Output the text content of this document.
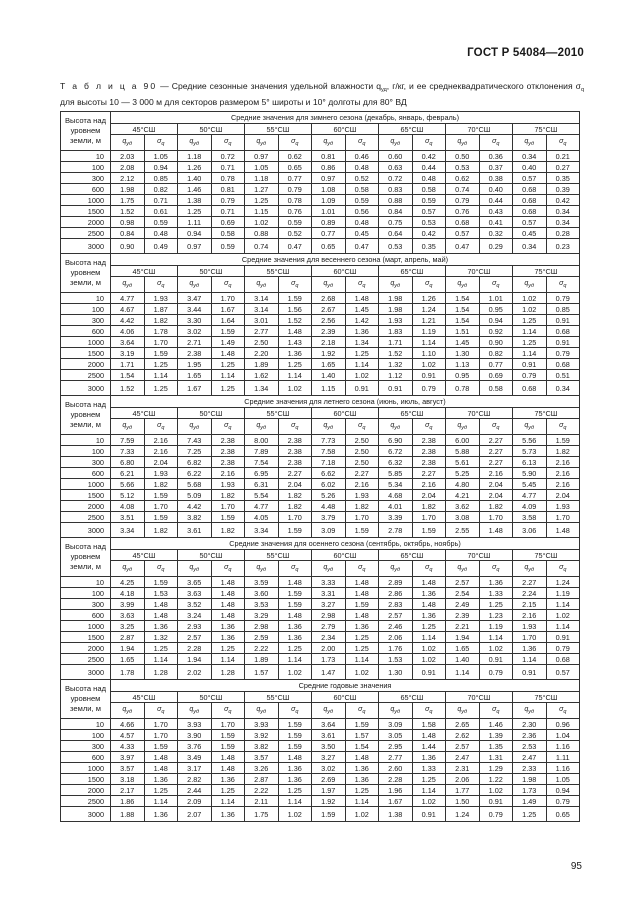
ГОСТ Р 54084—2010
Т а б л и ц а 90 — Средние сезонные значения удельной влажности $q_{уд}$, г/кг, и ее среднеквадратического отклонения $\sigma_q$ для высоты 10 — 3 000 м для секторов размером 5° широты и 10° долготы для 80° ВД
Высота над уровнем земли, м	Средние значения для зимнего сезона (декабрь, январь, февраль)													
	45°СШ		50°СШ		55°СШ		60°СШ		65°СШ		70°СШ		75°СШ	
	$q_{уд}$	$\sigma_q$	$q_{уд}$	$\sigma_q$	$q_{уд}$	$\sigma_q$	$q_{уд}$	$\sigma_q$	$q_{уд}$	$\sigma_q$	$q_{уд}$	$\sigma_q$	$q_{уд}$	$\sigma_q$
10	2.03	1.05	1.18	0.72	0.97	0.62	0.81	0.46	0.60	0.42	0.50	0.36	0.34	0.21
100	2.08	0.94	1.26	0.71	1.05	0.65	0.86	0.48	0.63	0.44	0.53	0.37	0.40	0.27
300	2.12	0.85	1.40	0.78	1.18	0.77	0.97	0.52	0.72	0.48	0.62	0.38	0.57	0.35
600	1.98	0.82	1.46	0.81	1.27	0.79	1.08	0.58	0.83	0.58	0.74	0.40	0.68	0.39
1000	1.75	0.71	1.38	0.79	1.25	0.78	1.09	0.59	0.88	0.59	0.79	0.44	0.68	0.42
1500	1.52	0.61	1.25	0.71	1.15	0.76	1.01	0.56	0.84	0.57	0.76	0.43	0.68	0.34
2000	0.98	0.59	1.11	0.69	1.02	0.59	0.89	0.48	0.75	0.53	0.68	0.41	0.57	0.34
2500	0.84	0.48	0.94	0.58	0.88	0.52	0.77	0.45	0.64	0.42	0.57	0.32	0.45	0.28
3000	0.90	0.49	0.97	0.59	0.74	0.47	0.65	0.47	0.53	0.35	0.47	0.29	0.34	0.23
Высота над уровнем земли, м	Средние значения для весеннего сезона (март, апрель, май)													
	45°СШ		50°СШ		55°СШ		60°СШ		65°СШ		70°СШ		75°СШ	
	$q_{уд}$	$\sigma_q$	$q_{уд}$	$\sigma_q$	$q_{уд}$	$\sigma_q$	$q_{уд}$	$\sigma_q$	$q_{уд}$	$\sigma_q$	$q_{уд}$	$\sigma_q$	$q_{уд}$	$\sigma_q$
10	4.77	1.93	3.47	1.70	3.14	1.59	2.68	1.48	1.98	1.26	1.54	1.01	1.02	0.79
100	4.67	1.87	3.44	1.67	3.14	1.56	2.67	1.45	1.98	1.24	1.54	0.95	1.02	0.85
300	4.42	1.82	3.30	1.64	3.01	1.52	2.56	1.42	1.93	1.21	1.54	0.94	1.25	0.91
600	4.06	1.78	3.02	1.59	2.77	1.48	2.39	1.36	1.83	1.19	1.51	0.92	1.14	0.68
1000	3.64	1.70	2.71	1.49	2.50	1.43	2.18	1.34	1.71	1.14	1.45	0.90	1.25	0.91
1500	3.19	1.59	2.38	1.48	2.20	1.36	1.92	1.25	1.52	1.10	1.30	0.82	1.14	0.79
2000	1.71	1.25	1.95	1.25	1.89	1.25	1.65	1.14	1.32	1.02	1.13	0.77	0.91	0.68
2500	1.54	1.14	1.65	1.14	1.62	1.14	1.40	1.02	1.12	0.91	0.95	0.69	0.79	0.51
3000	1.52	1.25	1.67	1.25	1.34	1.02	1.15	0.91	0.91	0.79	0.78	0.58	0.68	0.34
Высота над уровнем земли, м	Средние значения для летнего сезона (июнь, июль, август)													
	45°СШ		50°СШ		55°СШ		60°СШ		65°СШ		70°СШ		75°СШ	
	$q_{уд}$	$\sigma_q$	$q_{уд}$	$\sigma_q$	$q_{уд}$	$\sigma_q$	$q_{уд}$	$\sigma_q$	$q_{уд}$	$\sigma_q$	$q_{уд}$	$\sigma_q$	$q_{уд}$	$\sigma_q$
10	7.59	2.16	7.43	2.38	8.00	2.38	7.73	2.50	6.90	2.38	6.00	2.27	5.56	1.59
100	7.33	2.16	7.25	2.38	7.89	2.38	7.58	2.50	6.72	2.38	5.88	2.27	5.73	1.82
300	6.80	2.04	6.82	2.38	7.54	2.38	7.18	2.50	6.32	2.38	5.61	2.27	6.13	2.16
600	6.21	1.93	6.22	2.16	6.95	2.27	6.62	2.27	5.85	2.27	5.25	2.16	5.90	2.16
1000	5.66	1.82	5.68	1.93	6.31	2.04	6.02	2.16	5.34	2.16	4.80	2.04	5.45	2.16
1500	5.12	1.59	5.09	1.82	5.54	1.82	5.26	1.93	4.68	2.04	4.21	2.04	4.77	2.04
2000	4.08	1.70	4.42	1.70	4.77	1.82	4.48	1.82	4.01	1.82	3.62	1.82	4.09	1.93
2500	3.51	1.59	3.82	1.59	4.05	1.70	3.79	1.70	3.39	1.70	3.08	1.70	3.58	1.70
3000	3.34	1.82	3.61	1.82	3.34	1.59	3.09	1.59	2.78	1.59	2.55	1.48	3.06	1.48
Высота над уровнем земли, м	Средние значения для осеннего сезона (сентябрь, октябрь, ноябрь)													
	45°СШ		50°СШ		55°СШ		60°СШ		65°СШ		70°СШ		75°СШ	
	$q_{уд}$	$\sigma_q$	$q_{уд}$	$\sigma_q$	$q_{уд}$	$\sigma_q$	$q_{уд}$	$\sigma_q$	$q_{уд}$	$\sigma_q$	$q_{уд}$	$\sigma_q$	$q_{уд}$	$\sigma_q$
10	4.25	1.59	3.65	1.48	3.59	1.48	3.33	1.48	2.89	1.48	2.57	1.36	2.27	1.24
100	4.18	1.53	3.63	1.48	3.60	1.59	3.31	1.48	2.86	1.36	2.54	1.33	2.24	1.19
300	3.99	1.48	3.52	1.48	3.53	1.59	3.27	1.59	2.83	1.48	2.49	1.25	2.15	1.14
600	3.63	1.48	3.24	1.48	3.29	1.48	2.98	1.48	2.57	1.36	2.39	1.23	2.16	1.02
1000	3.25	1.36	2.93	1.36	2.98	1.36	2.79	1.36	2.46	1.25	2.21	1.19	1.93	1.14
1500	2.87	1.32	2.57	1.36	2.59	1.36	2.34	1.25	2.06	1.14	1.94	1.14	1.70	0.91
2000	1.94	1.25	2.28	1.25	2.22	1.25	2.00	1.25	1.76	1.02	1.65	1.02	1.36	0.79
2500	1.65	1.14	1.94	1.14	1.89	1.14	1.73	1.14	1.53	1.02	1.40	0.91	1.14	0.68
3000	1.78	1.28	2.02	1.28	1.57	1.02	1.47	1.02	1.30	0.91	1.14	0.79	0.91	0.57
Высота над уровнем земли, м	Средние годовые значения													
	45°СШ		50°СШ		55°СШ		60°СШ		65°СШ		70°СШ		75°СШ	
	$q_{уд}$	$\sigma_q$	$q_{уд}$	$\sigma_q$	$q_{уд}$	$\sigma_q$	$q_{уд}$	$\sigma_q$	$q_{уд}$	$\sigma_q$	$q_{уд}$	$\sigma_q$	$q_{уд}$	$\sigma_q$
10	4.66	1.70	3.93	1.70	3.93	1.59	3.64	1.59	3.09	1.58	2.65	1.46	2.30	0.96
100	4.57	1.70	3.90	1.59	3.92	1.59	3.61	1.57	3.05	1.48	2.62	1.39	2.36	1.04
300	4.33	1.59	3.76	1.59	3.82	1.59	3.50	1.54	2.95	1.44	2.57	1.35	2.53	1.16
600	3.97	1.48	3.49	1.48	3.57	1.48	3.27	1.48	2.77	1.36	2.47	1.31	2.47	1.11
1000	3.57	1.48	3.17	1.48	3.26	1.36	3.02	1.36	2.60	1.33	2.31	1.29	2.33	1.16
1500	3.18	1.36	2.82	1.36	2.87	1.36	2.69	1.36	2.28	1.25	2.06	1.22	1.98	1.05
2000	2.17	1.25	2.44	1.25	2.22	1.25	1.97	1.25	1.96	1.14	1.77	1.02	1.73	0.94
2500	1.86	1.14	2.09	1.14	2.11	1.14	1.92	1.14	1.67	1.02	1.50	0.91	1.49	0.79
3000	1.88	1.36	2.07	1.36	1.75	1.02	1.59	1.02	1.38	0.91	1.24	0.79	1.25	0.65
95
